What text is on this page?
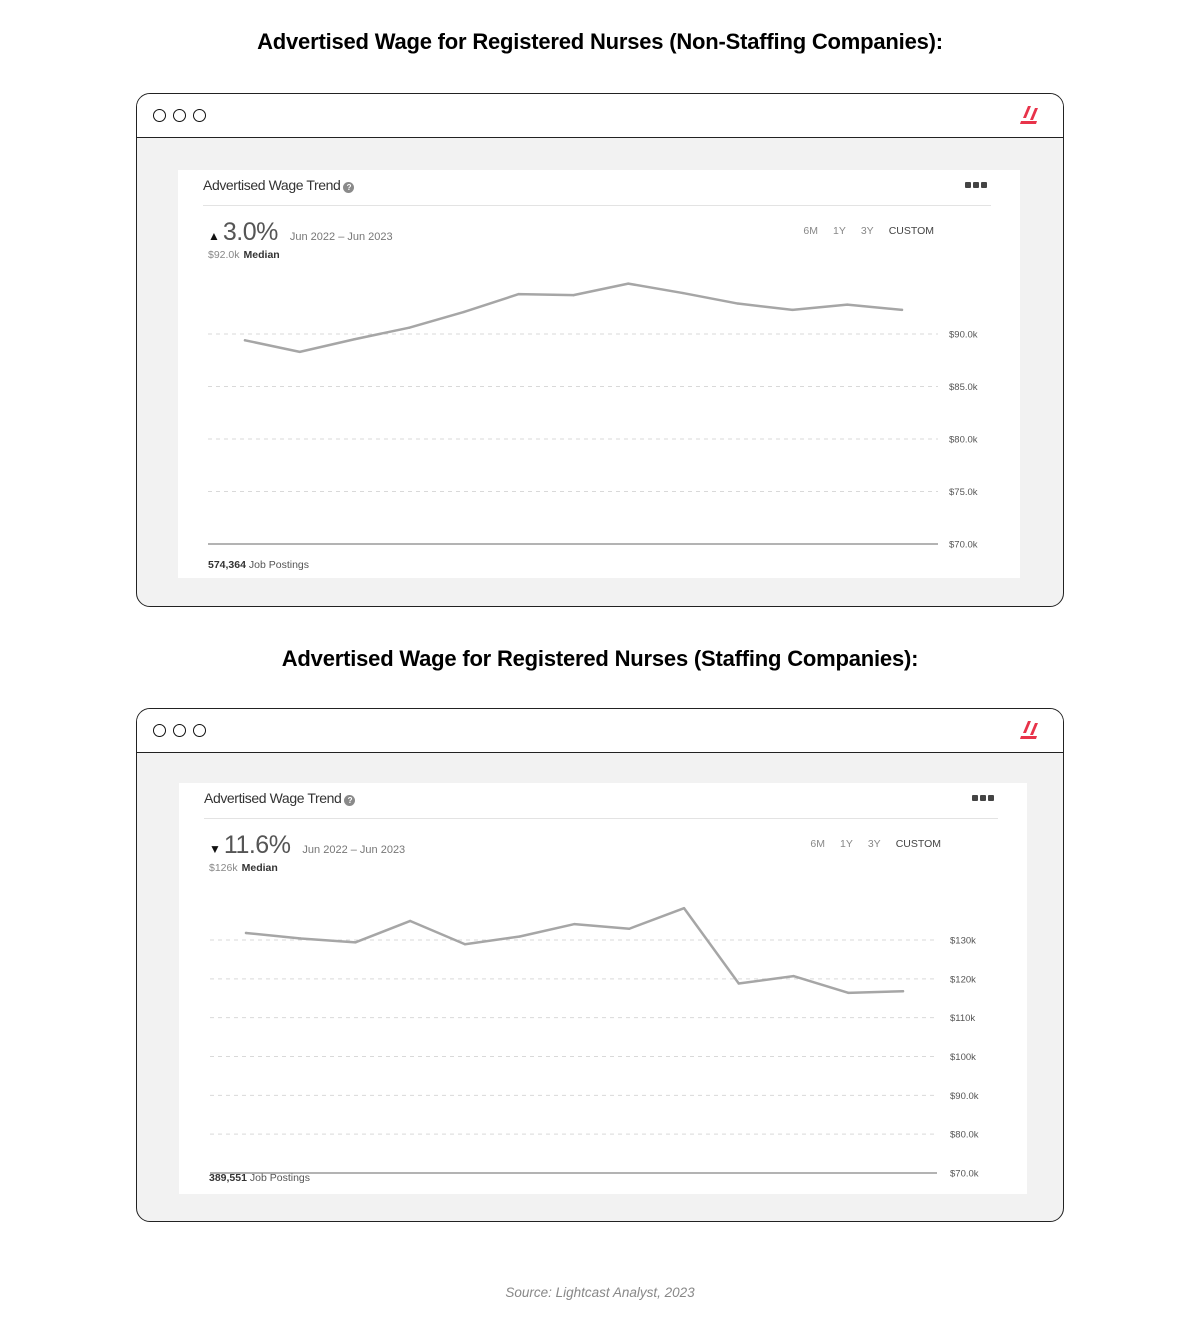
Advertised Wage for Registered Nurses (Non-Staffing Companies):
Advertised Wage Trend ?
▲ 3.0% Jun 2022 – Jun 2023
$92.0k Median
6M 1Y 3Y CUSTOM
$90.0k
$85.0k
$80.0k
$75.0k
$70.0k
574,364 Job Postings
Advertised Wage for Registered Nurses (Staffing Companies):
Advertised Wage Trend ?
▼ 11.6% Jun 2022 – Jun 2023
$126k Median
6M 1Y 3Y CUSTOM
$130k
$120k
$110k
$100k
$90.0k
$80.0k
$70.0k
389,551 Job Postings
Source: Lightcast Analyst, 2023
